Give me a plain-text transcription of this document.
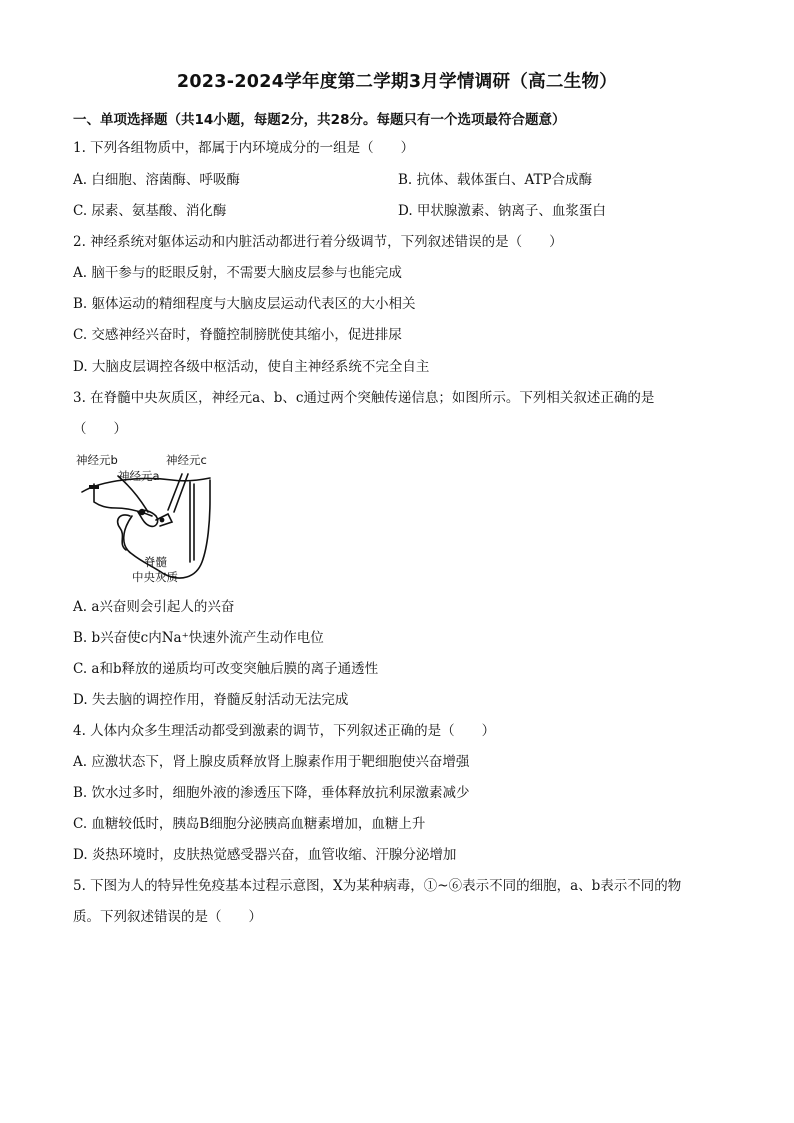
2023-2024学年度第二学期3月学情调研（高二生物）
一、单项选择题（共14小题，每题2分，共28分。每题只有一个选项最符合题意）
1. 下列各组物质中，都属于内环境成分的一组是（　　）
A. 白细胞、溶菌酶、呼吸酶	B. 抗体、载体蛋白、ATP合成酶
C. 尿素、氨基酸、消化酶	D. 甲状腺激素、钠离子、血浆蛋白
2. 神经系统对躯体运动和内脏活动都进行着分级调节，下列叙述错误的是（　　）
A. 脑干参与的眨眼反射，不需要大脑皮层参与也能完成
B. 躯体运动的精细程度与大脑皮层运动代表区的大小相关
C. 交感神经兴奋时，脊髓控制膀胱使其缩小，促进排尿
D. 大脑皮层调控各级中枢活动，使自主神经系统不完全自主
3. 在脊髓中央灰质区，神经元a、b、c通过两个突触传递信息；如图所示。下列相关叙述正确的是
（　　）
神经元b
神经元a
神经元c
脊髓
中央灰质
A. a兴奋则会引起人的兴奋
B. b兴奋使c内Na⁺快速外流产生动作电位
C. a和b释放的递质均可改变突触后膜的离子通透性
D. 失去脑的调控作用，脊髓反射活动无法完成
4. 人体内众多生理活动都受到激素的调节，下列叙述正确的是（　　）
A. 应激状态下，肾上腺皮质释放肾上腺素作用于靶细胞使兴奋增强
B. 饮水过多时，细胞外液的渗透压下降，垂体释放抗利尿激素减少
C. 血糖较低时，胰岛B细胞分泌胰高血糖素增加，血糖上升
D. 炎热环境时，皮肤热觉感受器兴奋，血管收缩、汗腺分泌增加
5. 下图为人的特异性免疫基本过程示意图，X为某种病毒，①~⑥表示不同的细胞，a、b表示不同的物
质。下列叙述错误的是（　　）
